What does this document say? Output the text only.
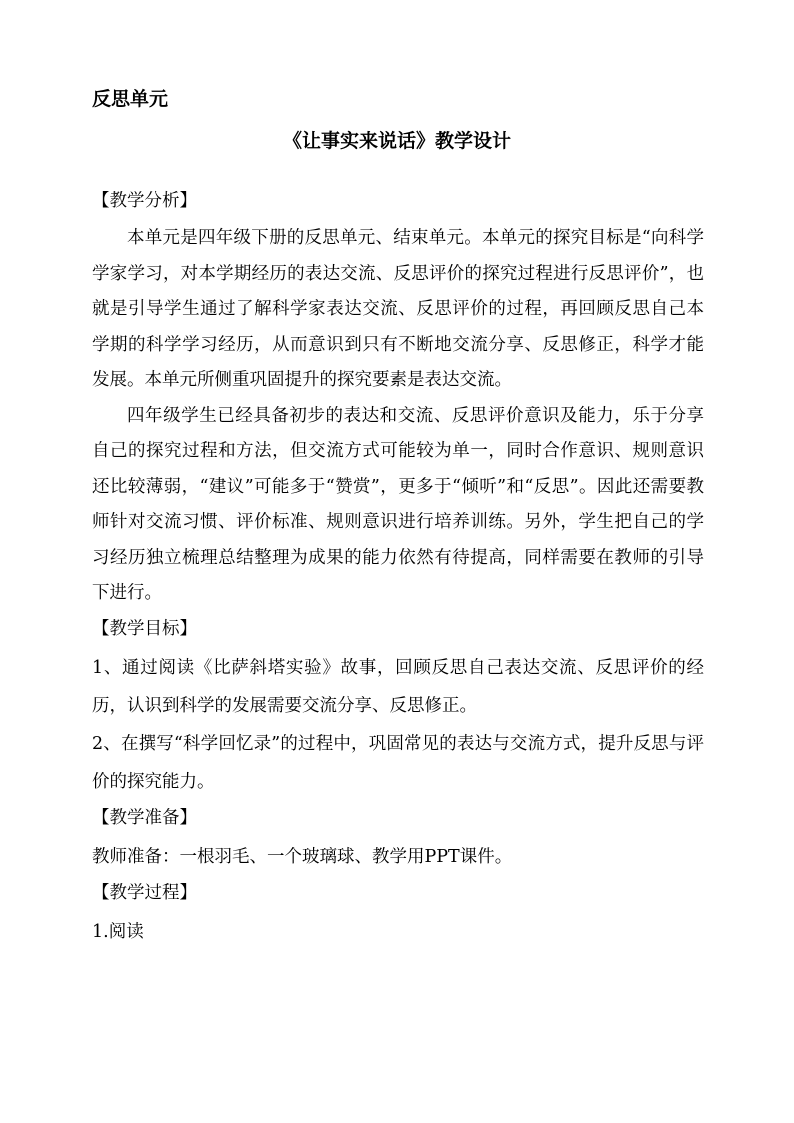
反思单元
《让事实来说话》教学设计

【教学分析】

本单元是四年级下册的反思单元、结束单元。本单元的探究目标是“向科学学家学习，对本学期经历的表达交流、反思评价的探究过程进行反思评价”，也就是引导学生通过了解科学家表达交流、反思评价的过程，再回顾反思自己本学期的科学学习经历，从而意识到只有不断地交流分享、反思修正，科学才能发展。本单元所侧重巩固提升的探究要素是表达交流。

四年级学生已经具备初步的表达和交流、反思评价意识及能力，乐于分享自己的探究过程和方法，但交流方式可能较为单一，同时合作意识、规则意识还比较薄弱，“建议”可能多于“赞赏”，更多于“倾听”和“反思”。因此还需要教师针对交流习惯、评价标准、规则意识进行培养训练。另外，学生把自己的学习经历独立梳理总结整理为成果的能力依然有待提高，同样需要在教师的引导下进行。

【教学目标】

1、通过阅读《比萨斜塔实验》故事，回顾反思自己表达交流、反思评价的经历，认识到科学的发展需要交流分享、反思修正。

2、在撰写“科学回忆录”的过程中，巩固常见的表达与交流方式，提升反思与评价的探究能力。

【教学准备】

教师准备：一根羽毛、一个玻璃球、教学用PPT课件。

【教学过程】

1.阅读
